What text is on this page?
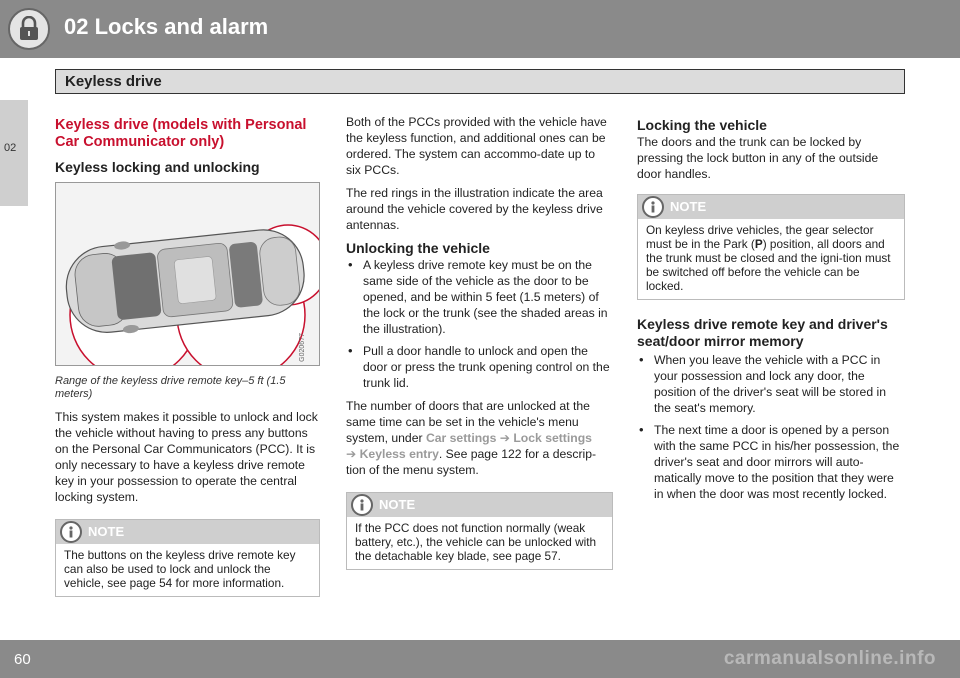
02 Locks and alarm
Keyless drive
02
Keyless drive (models with Personal Car Communicator only)
Keyless locking and unlocking
G020677
Range of the keyless drive remote key–5 ft (1.5 meters)

This system makes it possible to unlock and lock the vehicle without having to press any buttons on the Personal Car Communicators (PCC). It is only necessary to have a keyless drive remote key in your possession to operate the central locking system.

NOTE
The buttons on the keyless drive remote key can also be used to lock and unlock the vehicle, see page 54 for more information.

Both of the PCCs provided with the vehicle have the keyless function, and additional ones can be ordered. The system can accommo-date up to six PCCs.

The red rings in the illustration indicate the area around the vehicle covered by the keyless drive antennas.

Unlocking the vehicle
• A keyless drive remote key must be on the same side of the vehicle as the door to be opened, and be within 5 feet (1.5 meters) of the lock or the trunk (see the shaded areas in the illustration).
• Pull a door handle to unlock and open the door or press the trunk opening control on the trunk lid.

The number of doors that are unlocked at the same time can be set in the vehicle's menu system, under Car settings ➔ Lock settings
➔ Keyless entry. See page 122 for a descrip-tion of the menu system.

NOTE
If the PCC does not function normally (weak battery, etc.), the vehicle can be unlocked with the detachable key blade, see page 57.
Locking the vehicle

The doors and the trunk can be locked by pressing the lock button in any of the outside door handles.

NOTE
On keyless drive vehicles, the gear selector must be in the Park (P) position, all doors and the trunk must be closed and the igni-tion must be switched off before the vehicle can be locked.
Keyless drive remote key and driver's seat/door mirror memory
• When you leave the vehicle with a PCC in your possession and lock any door, the position of the driver's seat will be stored in the seat's memory.
• The next time a door is opened by a person with the same PCC in his/her possession, the driver's seat and door mirrors will auto-matically move to the position that they were in when the door was most recently locked.
60	carmanualsonline.info
